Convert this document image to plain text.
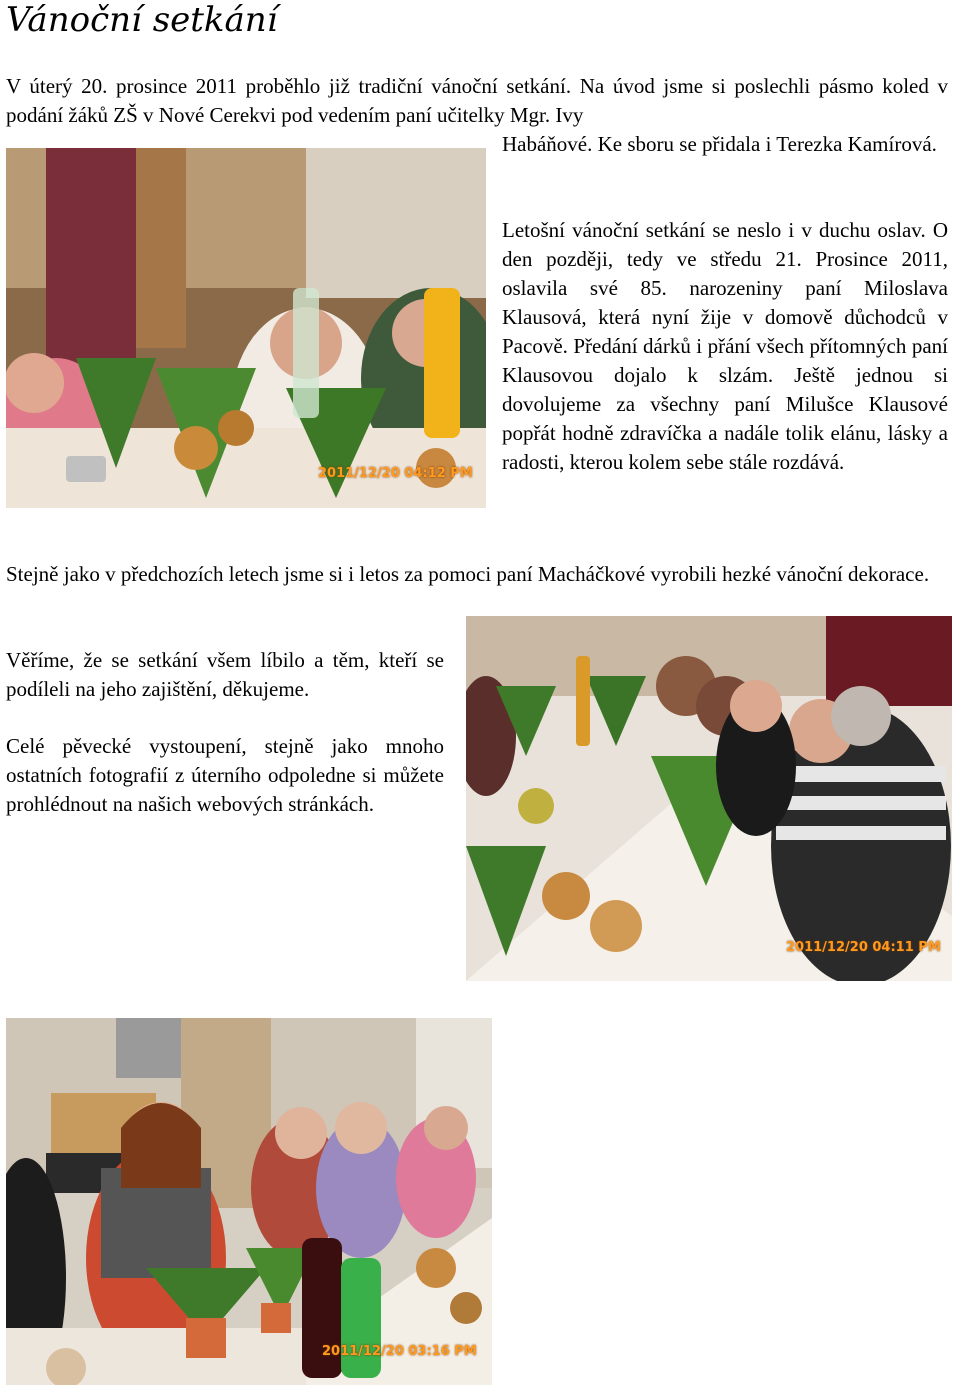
Vánoční setkání

V úterý 20. prosince 2011 proběhlo již tradiční vánoční setkání. Na úvod jsme si poslechli pásmo koled v podání žáků ZŠ v Nové Cerekvi pod vedením paní učitelky Mgr. Ivy

Habáňové. Ke sboru se přidala i Terezka Kamírová.

2011/12/20 04:12 PM

Letošní vánoční setkání se neslo i v duchu oslav. O den později, tedy ve středu 21. Prosince 2011, oslavila své 85. narozeniny paní Miloslava Klausová, která nyní žije v domově důchodců v Pacově. Předání dárků i přání všech přítomných paní Klausovou dojalo k slzám. Ještě jednou si dovolujeme za všechny paní Milušce Klausové popřát hodně zdravíčka a nadále tolik elánu, lásky a radosti, kterou kolem sebe stále rozdává.

Stejně jako v předchozích letech jsme si i letos za pomoci paní Macháčkové vyrobili hezké vánoční dekorace.

Věříme, že se setkání všem líbilo a těm, kteří se podíleli na jeho zajištění, děkujeme.

Celé pěvecké vystoupení, stejně jako mnoho ostatních fotografií z úterního odpoledne si můžete prohlédnout na našich webových stránkách.

2011/12/20 04:11 PM
2011/12/20 03:16 PM
